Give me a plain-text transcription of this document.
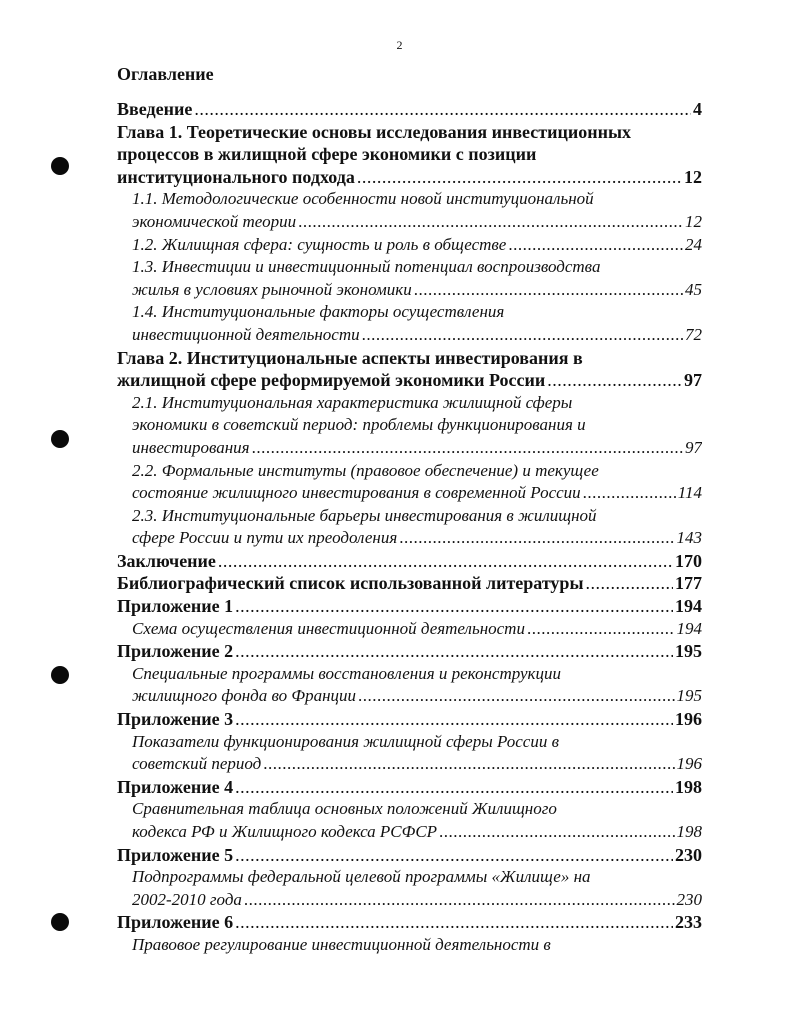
2
Оглавление
Введение .....	4
Глава 1. Теоретические основы исследования инвестиционных
процессов в жилищной сфере экономики с позиции
институционального подхода .....	12
1.1. Методологические особенности новой институциональной
экономической теории .....	12
1.2. Жилищная сфера: сущность и роль в обществе .....	24
1.3. Инвестиции и инвестиционный потенциал воспроизводства
жилья в условиях рыночной экономики .....	45
1.4. Институциональные факторы осуществления
инвестиционной деятельности .....	72
Глава 2. Институциональные аспекты инвестирования в
жилищной сфере реформируемой экономики России .....	97
2.1. Институциональная характеристика жилищной сферы
экономики в советский период: проблемы функционирования и
инвестирования .....	97
2.2. Формальные институты (правовое обеспечение) и текущее
состояние жилищного инвестирования в современной России .....	114
2.3. Институциональные барьеры инвестирования в жилищной
сфере России и пути их преодоления .....	143
Заключение .....	170
Библиографический список использованной литературы .....	177
Приложение 1 .....	194
Схема осуществления инвестиционной деятельности .....	194
Приложение 2 .....	195
Специальные программы восстановления и реконструкции
жилищного фонда во Франции .....	195
Приложение 3 .....	196
Показатели функционирования жилищной сферы России в
советский период .....	196
Приложение 4 .....	198
Сравнительная таблица основных положений Жилищного
кодекса РФ и Жилищного кодекса РСФСР .....	198
Приложение 5 .....	230
Подпрограммы федеральной целевой программы «Жилище» на
2002-2010 года .....	230
Приложение 6 .....	233
Правовое регулирование инвестиционной деятельности в
